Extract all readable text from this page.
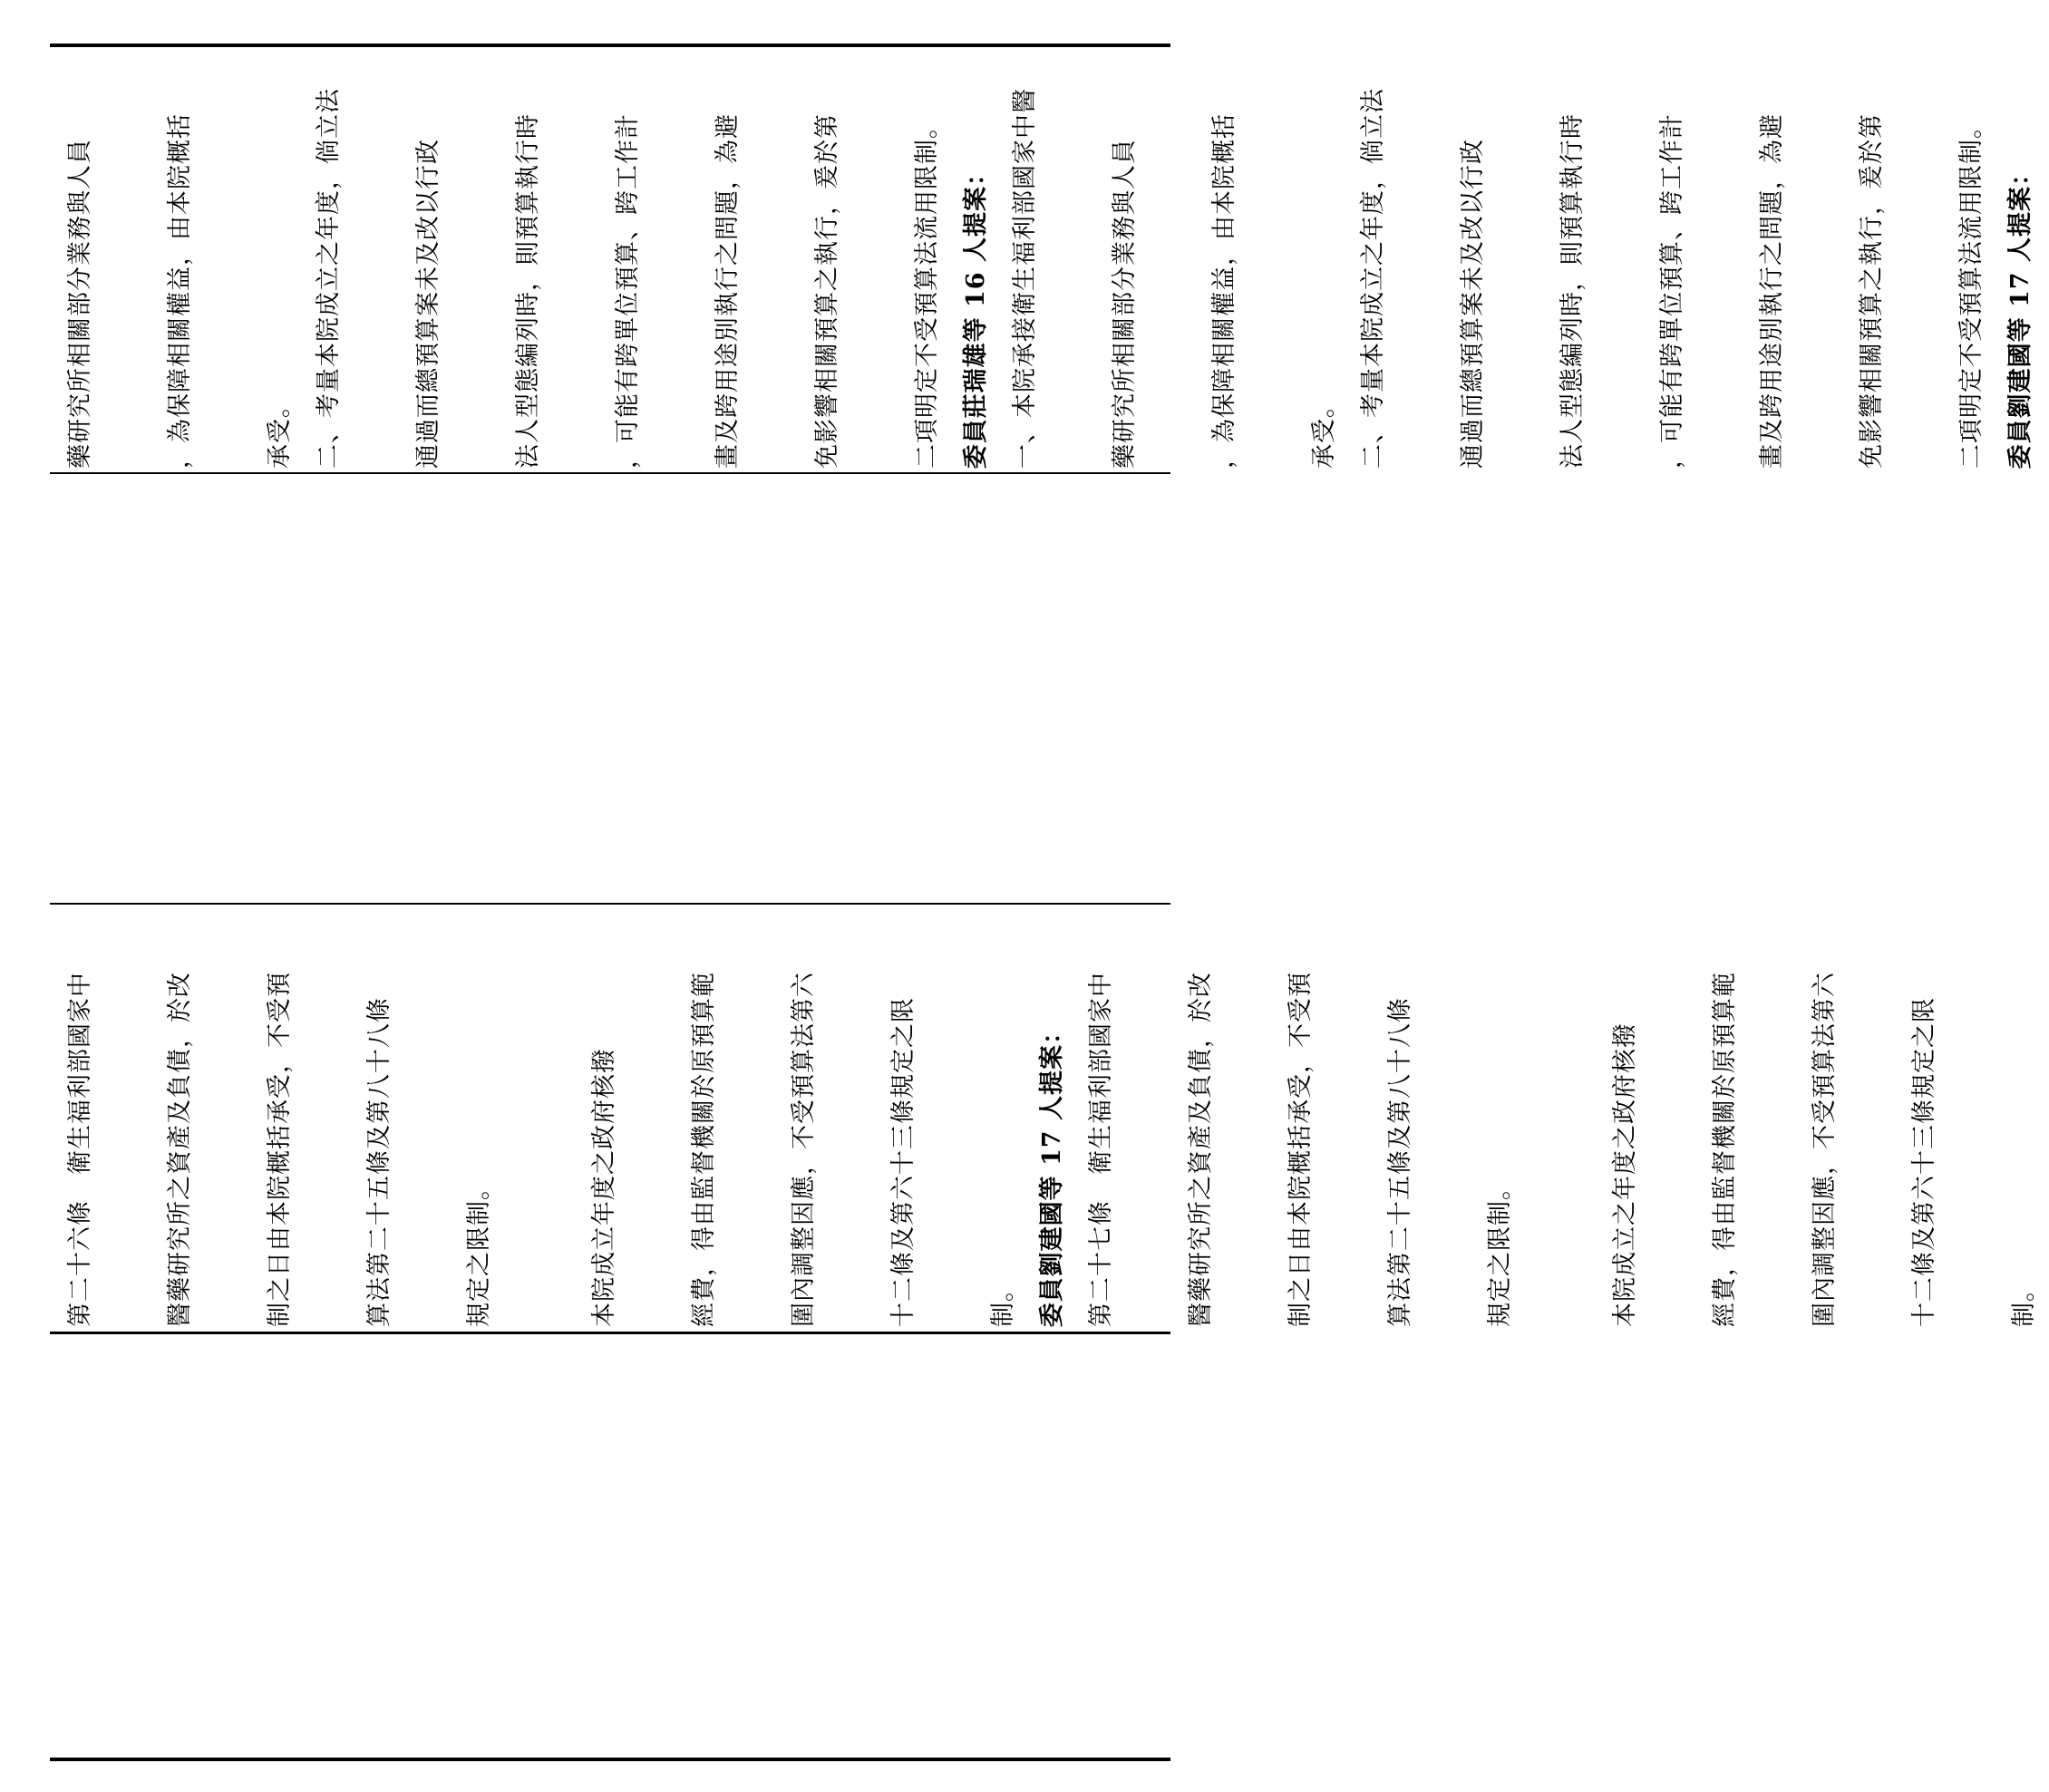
藥研究所相關部分業務與人員	，為保障相關權益，由本院概括	承受。 二、考量本院成立之年度，倘立法	通過而總預算案未及改以行政	法人型態編列時，則預算執行時	，可能有跨單位預算、跨工作計	畫及跨用途別執行之問題，為避	免影響相關預算之執行，爰於第	二項明定不受預算法流用限制。 委員莊瑞雄等 16 人提案： 一、本院承接衛生福利部國家中醫	藥研究所相關部分業務與人員	，為保障相關權益，由本院概括	承受。 二、考量本院成立之年度，倘立法	通過而總預算案未及改以行政	法人型態編列時，則預算執行時	，可能有跨單位預算、跨工作計	畫及跨用途別執行之問題，為避	免影響相關預算之執行，爰於第	二項明定不受預算法流用限制。 委員劉建國等 17 人提案：
第二十六條　衛生福利部國家中	醫藥研究所之資產及負債，於改	制之日由本院概括承受，不受預	算法第二十五條及第八十八條	規定之限制。	本院成立年度之政府核撥	經費，得由監督機關於原預算範	圍內調整因應，不受預算法第六	十二條及第六十三條規定之限	制。 委員劉建國等 17 人提案： 第二十七條　衛生福利部國家中	醫藥研究所之資產及負債，於改	制之日由本院概括承受，不受預	算法第二十五條及第八十八條	規定之限制。	本院成立之年度之政府核撥	經費，得由監督機關於原預算範	圍內調整因應，不受預算法第六	十二條及第六十三條規定之限	制。
